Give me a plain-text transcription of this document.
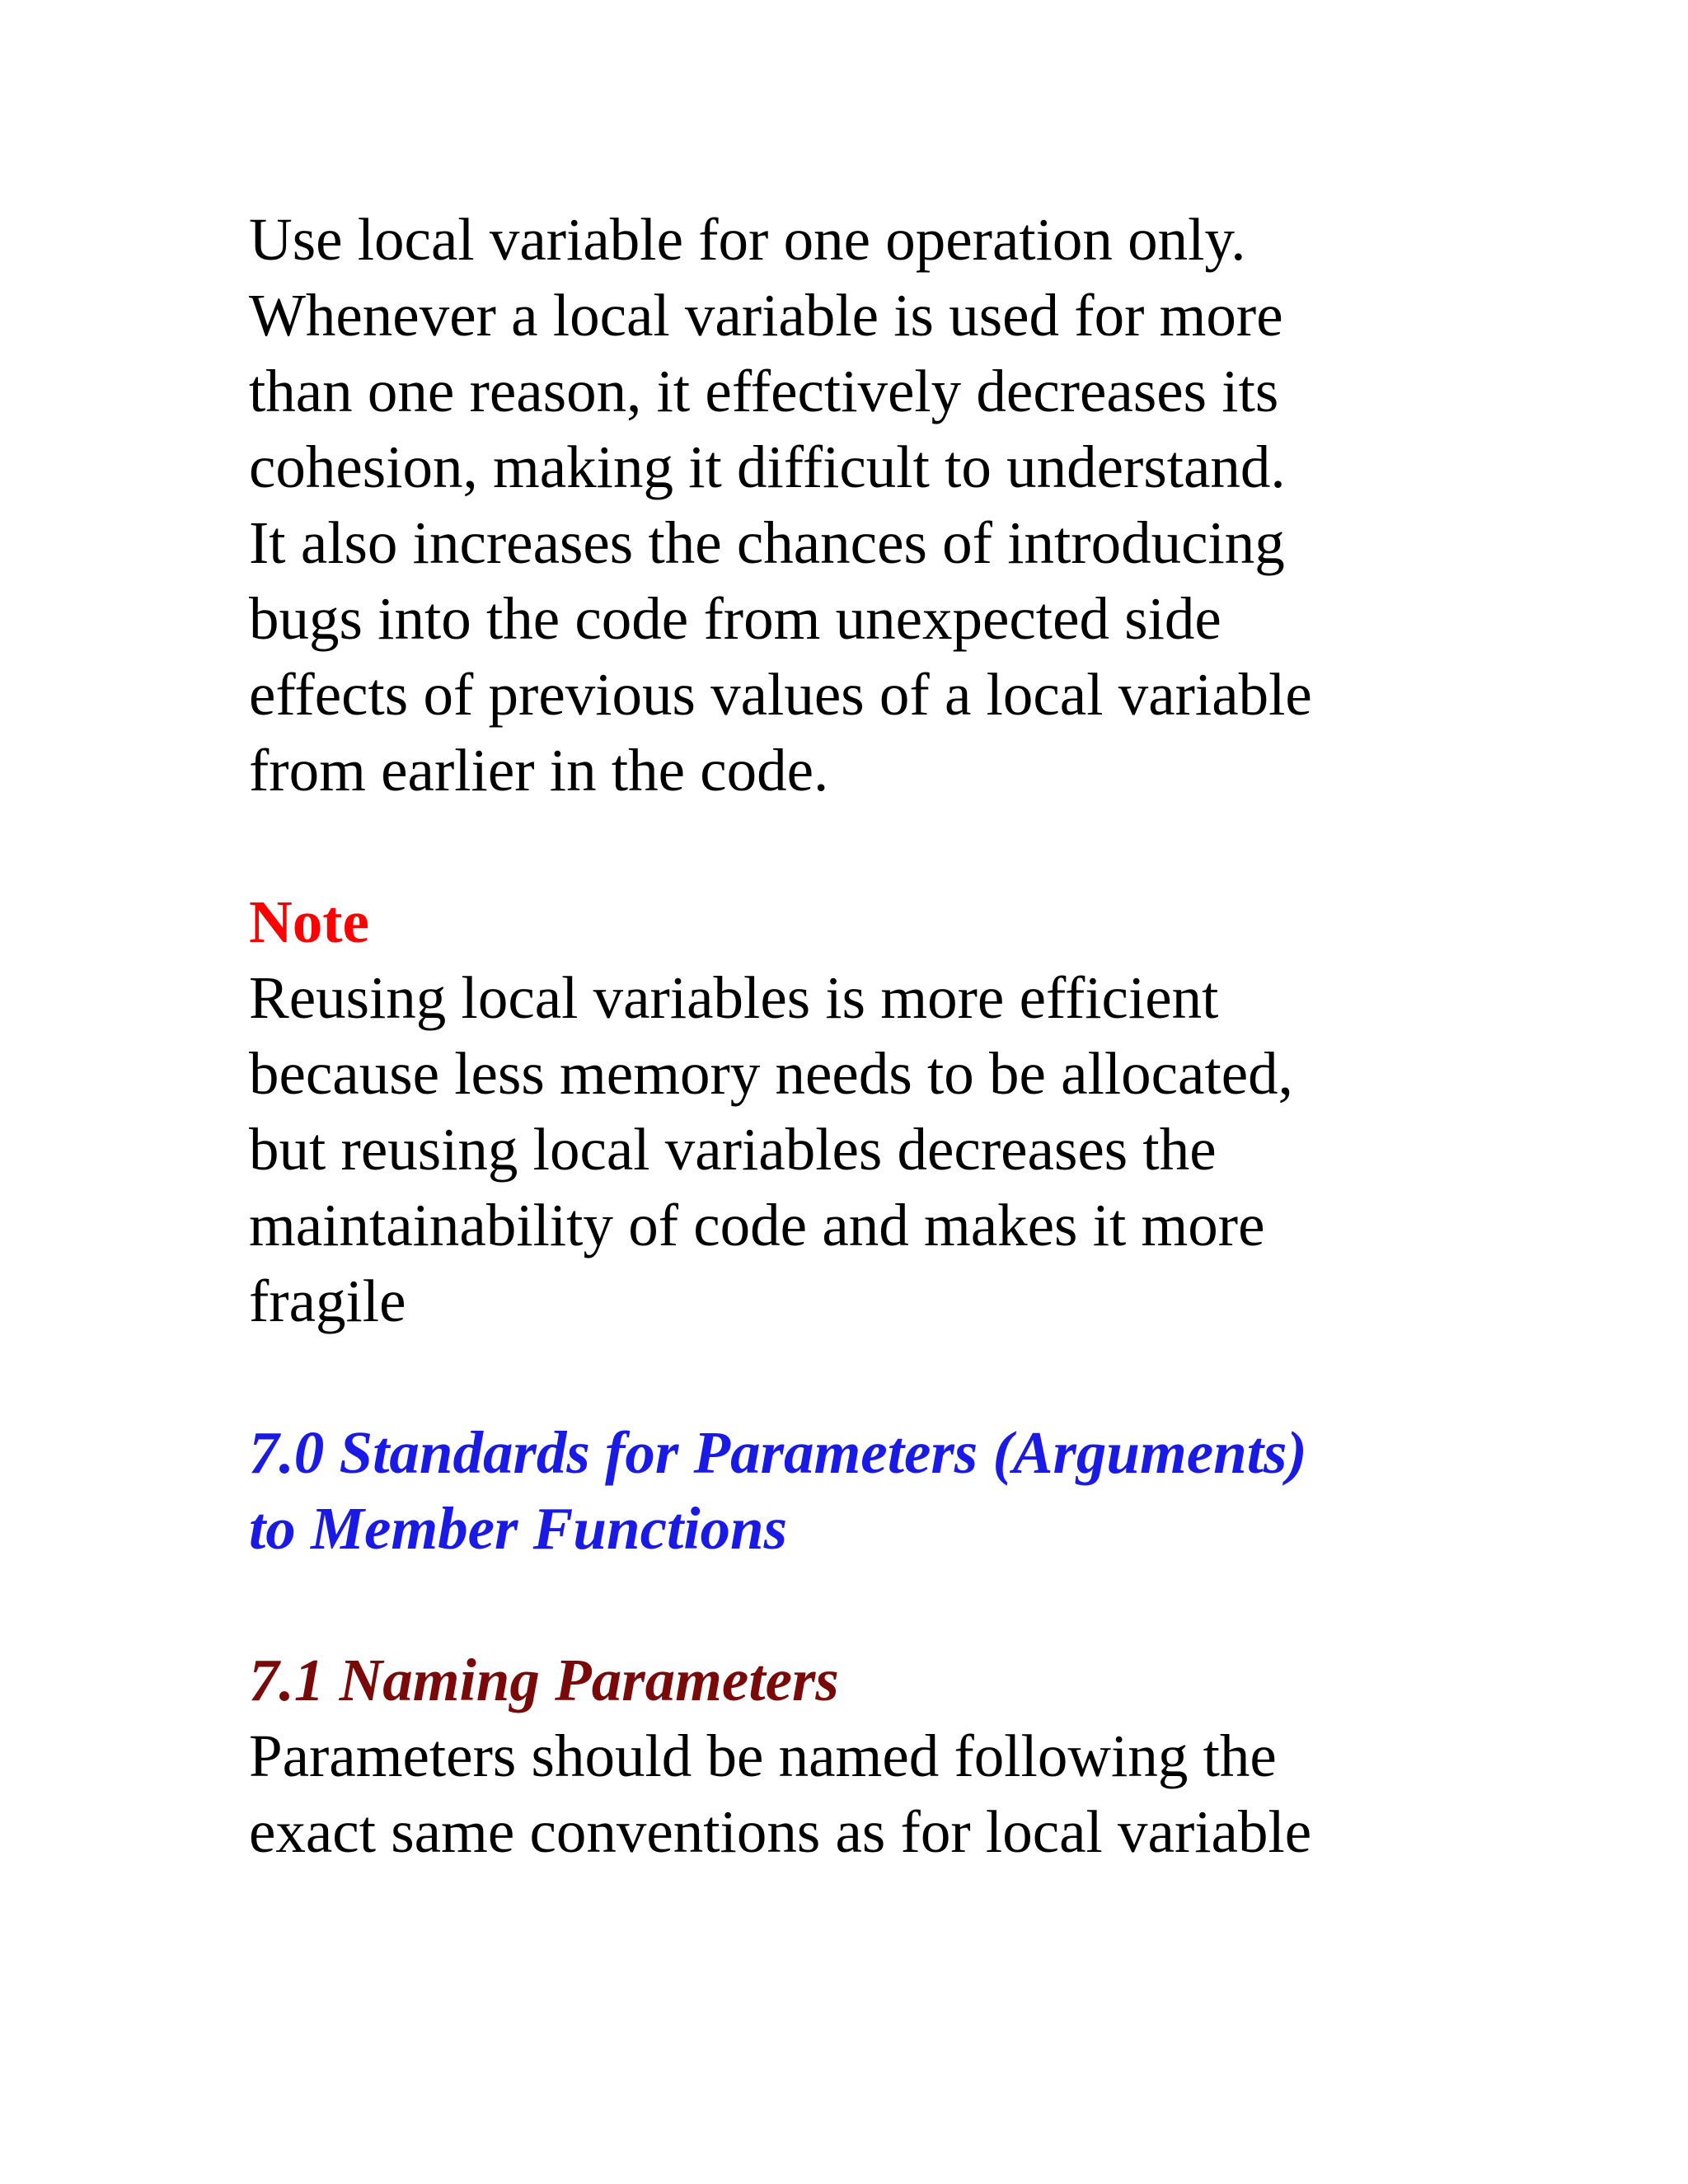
Use local variable for one operation only.
Whenever a local variable is used for more
than one reason, it effectively decreases its
cohesion, making it difficult to understand.
It also increases the chances of introducing
bugs into the code from unexpected side
effects of previous values of a local variable
from earlier in the code.
Note
Reusing local variables is more efficient
because less memory needs to be allocated,
but reusing local variables decreases the
maintainability of code and makes it more
fragile
7.0 Standards for Parameters (Arguments)
to Member Functions
7.1 Naming Parameters
Parameters should be named following the
exact same conventions as for local variable
